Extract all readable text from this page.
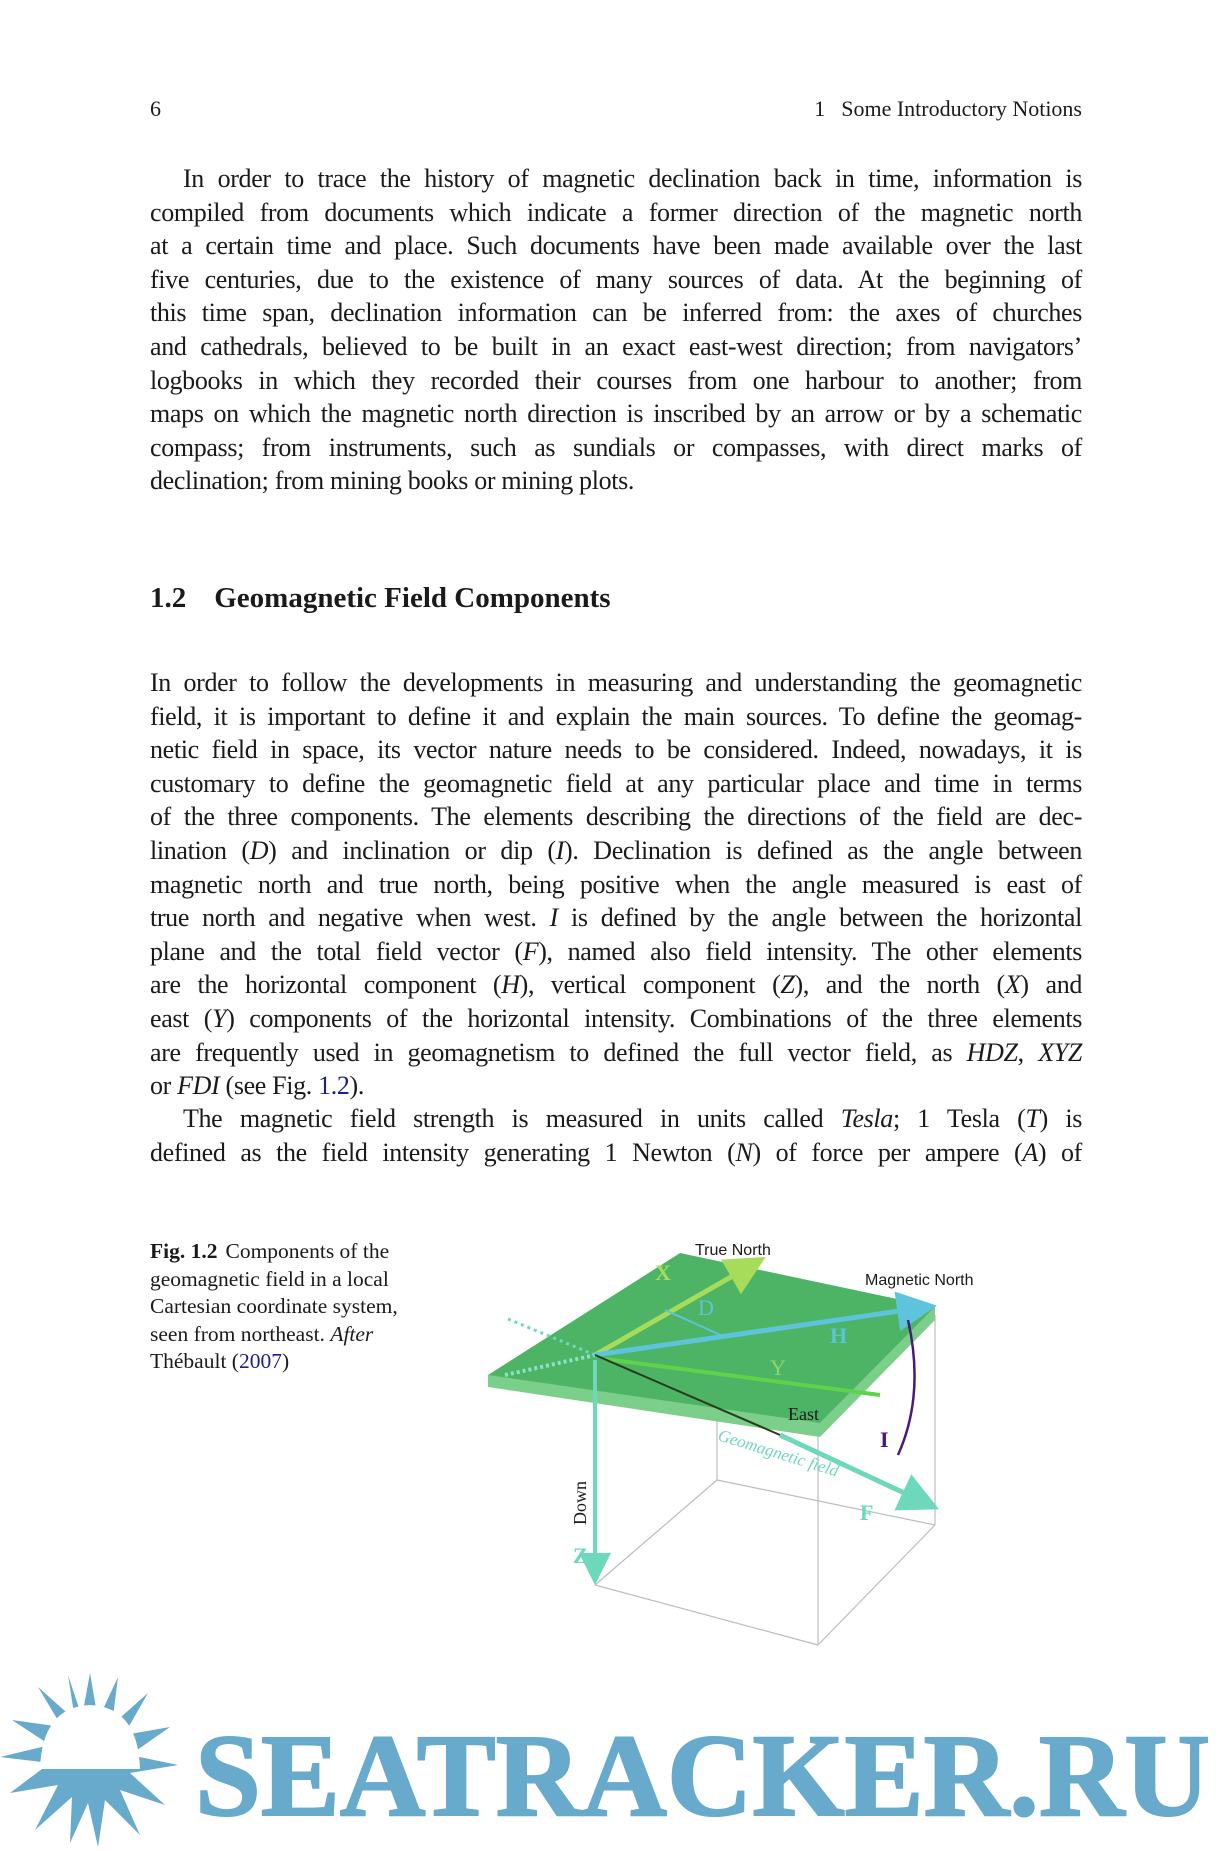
6	1 Some Introductory Notions
In order to trace the history of magnetic declination back in time, information is
compiled from documents which indicate a former direction of the magnetic north
at a certain time and place. Such documents have been made available over the last
five centuries, due to the existence of many sources of data. At the beginning of
this time span, declination information can be inferred from: the axes of churches
and cathedrals, believed to be built in an exact east-west direction; from navigators’
logbooks in which they recorded their courses from one harbour to another; from
maps on which the magnetic north direction is inscribed by an arrow or by a schematic
compass; from instruments, such as sundials or compasses, with direct marks of
declination; from mining books or mining plots.
1.2 Geomagnetic Field Components
In order to follow the developments in measuring and understanding the geomagnetic
field, it is important to define it and explain the main sources. To define the geomag-
netic field in space, its vector nature needs to be considered. Indeed, nowadays, it is
customary to define the geomagnetic field at any particular place and time in terms
of the three components. The elements describing the directions of the field are dec-
lination (D) and inclination or dip (I). Declination is defined as the angle between
magnetic north and true north, being positive when the angle measured is east of
true north and negative when west. I is defined by the angle between the horizontal
plane and the total field vector (F), named also field intensity. The other elements
are the horizontal component (H), vertical component (Z), and the north (X) and
east (Y) components of the horizontal intensity. Combinations of the three elements
are frequently used in geomagnetism to defined the full vector field, as HDZ, XYZ
or FDI (see Fig. 1.2).
The magnetic field strength is measured in units called Tesla; 1 Tesla (T) is
defined as the field intensity generating 1 Newton (N) of force per ampere (A) of
Fig. 1.2 Components of the geomagnetic field in a local Cartesian coordinate system, seen from northeast. After Thébault (2007)
True North
Magnetic North
X
D
H
Y
East
I
Geomagnetic field
F
Down
Z
SEATRACKER.RU
